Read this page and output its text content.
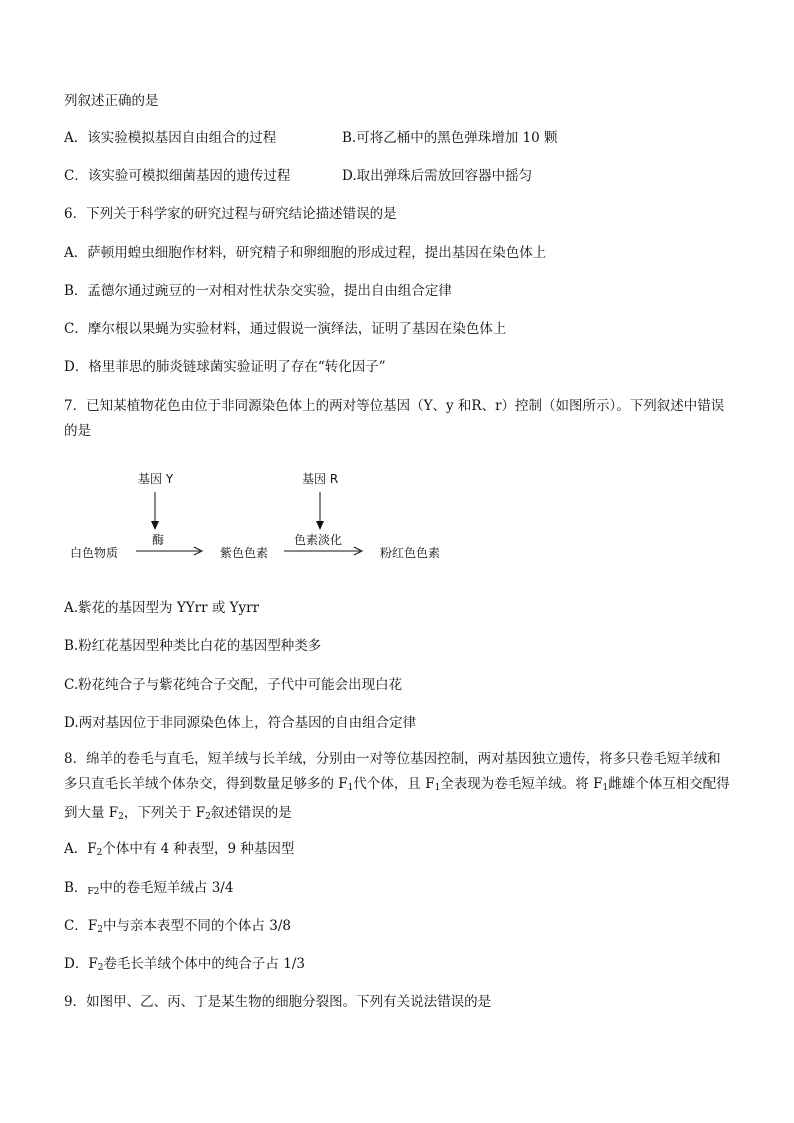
列叙述正确的是
A．该实验模拟基因自由组合的过程	B.可将乙桶中的黑色弹珠增加 10 颗
C．该实验可模拟细菌基因的遗传过程	D.取出弹珠后需放回容器中摇匀
6．下列关于科学家的研究过程与研究结论描述错误的是
A．萨顿用蝗虫细胞作材料，研究精子和卵细胞的形成过程，提出基因在染色体上
B．孟德尔通过豌豆的一对相对性状杂交实验，提出自由组合定律
C．摩尔根以果蝇为实验材料，通过假说一演绎法，证明了基因在染色体上
D．格里菲思的肺炎链球菌实验证明了存在“转化因子”
7．已知某植物花色由位于非同源染色体上的两对等位基因（Y、y 和R、r）控制（如图所示）。下列叙述中错误的是
基因 Y	基因 R
酶	色素淡化
白色物质	紫色色素	粉红色色素
A.紫花的基因型为 YYrr 或 Yyrr
B.粉红花基因型种类比白花的基因型种类多
C.粉花纯合子与紫花纯合子交配，子代中可能会出现白花
D.两对基因位于非同源染色体上，符合基因的自由组合定律
8．绵羊的卷毛与直毛，短羊绒与长羊绒，分别由一对等位基因控制，两对基因独立遗传，将多只卷毛短羊绒和多只直毛长羊绒个体杂交，得到数量足够多的 $F_1$代个体，且 $F_1$全表现为卷毛短羊绒。将 $F_1$雌雄个体互相交配得到大量 $F_2$，下列关于 $F_2$叙述错误的是
A．$F_2$个体中有 4 种表型，9 种基因型
B．$_{F2}$中的卷毛短羊绒占 3/4
C．$F_2$中与亲本表型不同的个体占 3/8
D．$F_2$卷毛长羊绒个体中的纯合子占 1/3
9．如图甲、乙、丙、丁是某生物的细胞分裂图。下列有关说法错误的是
